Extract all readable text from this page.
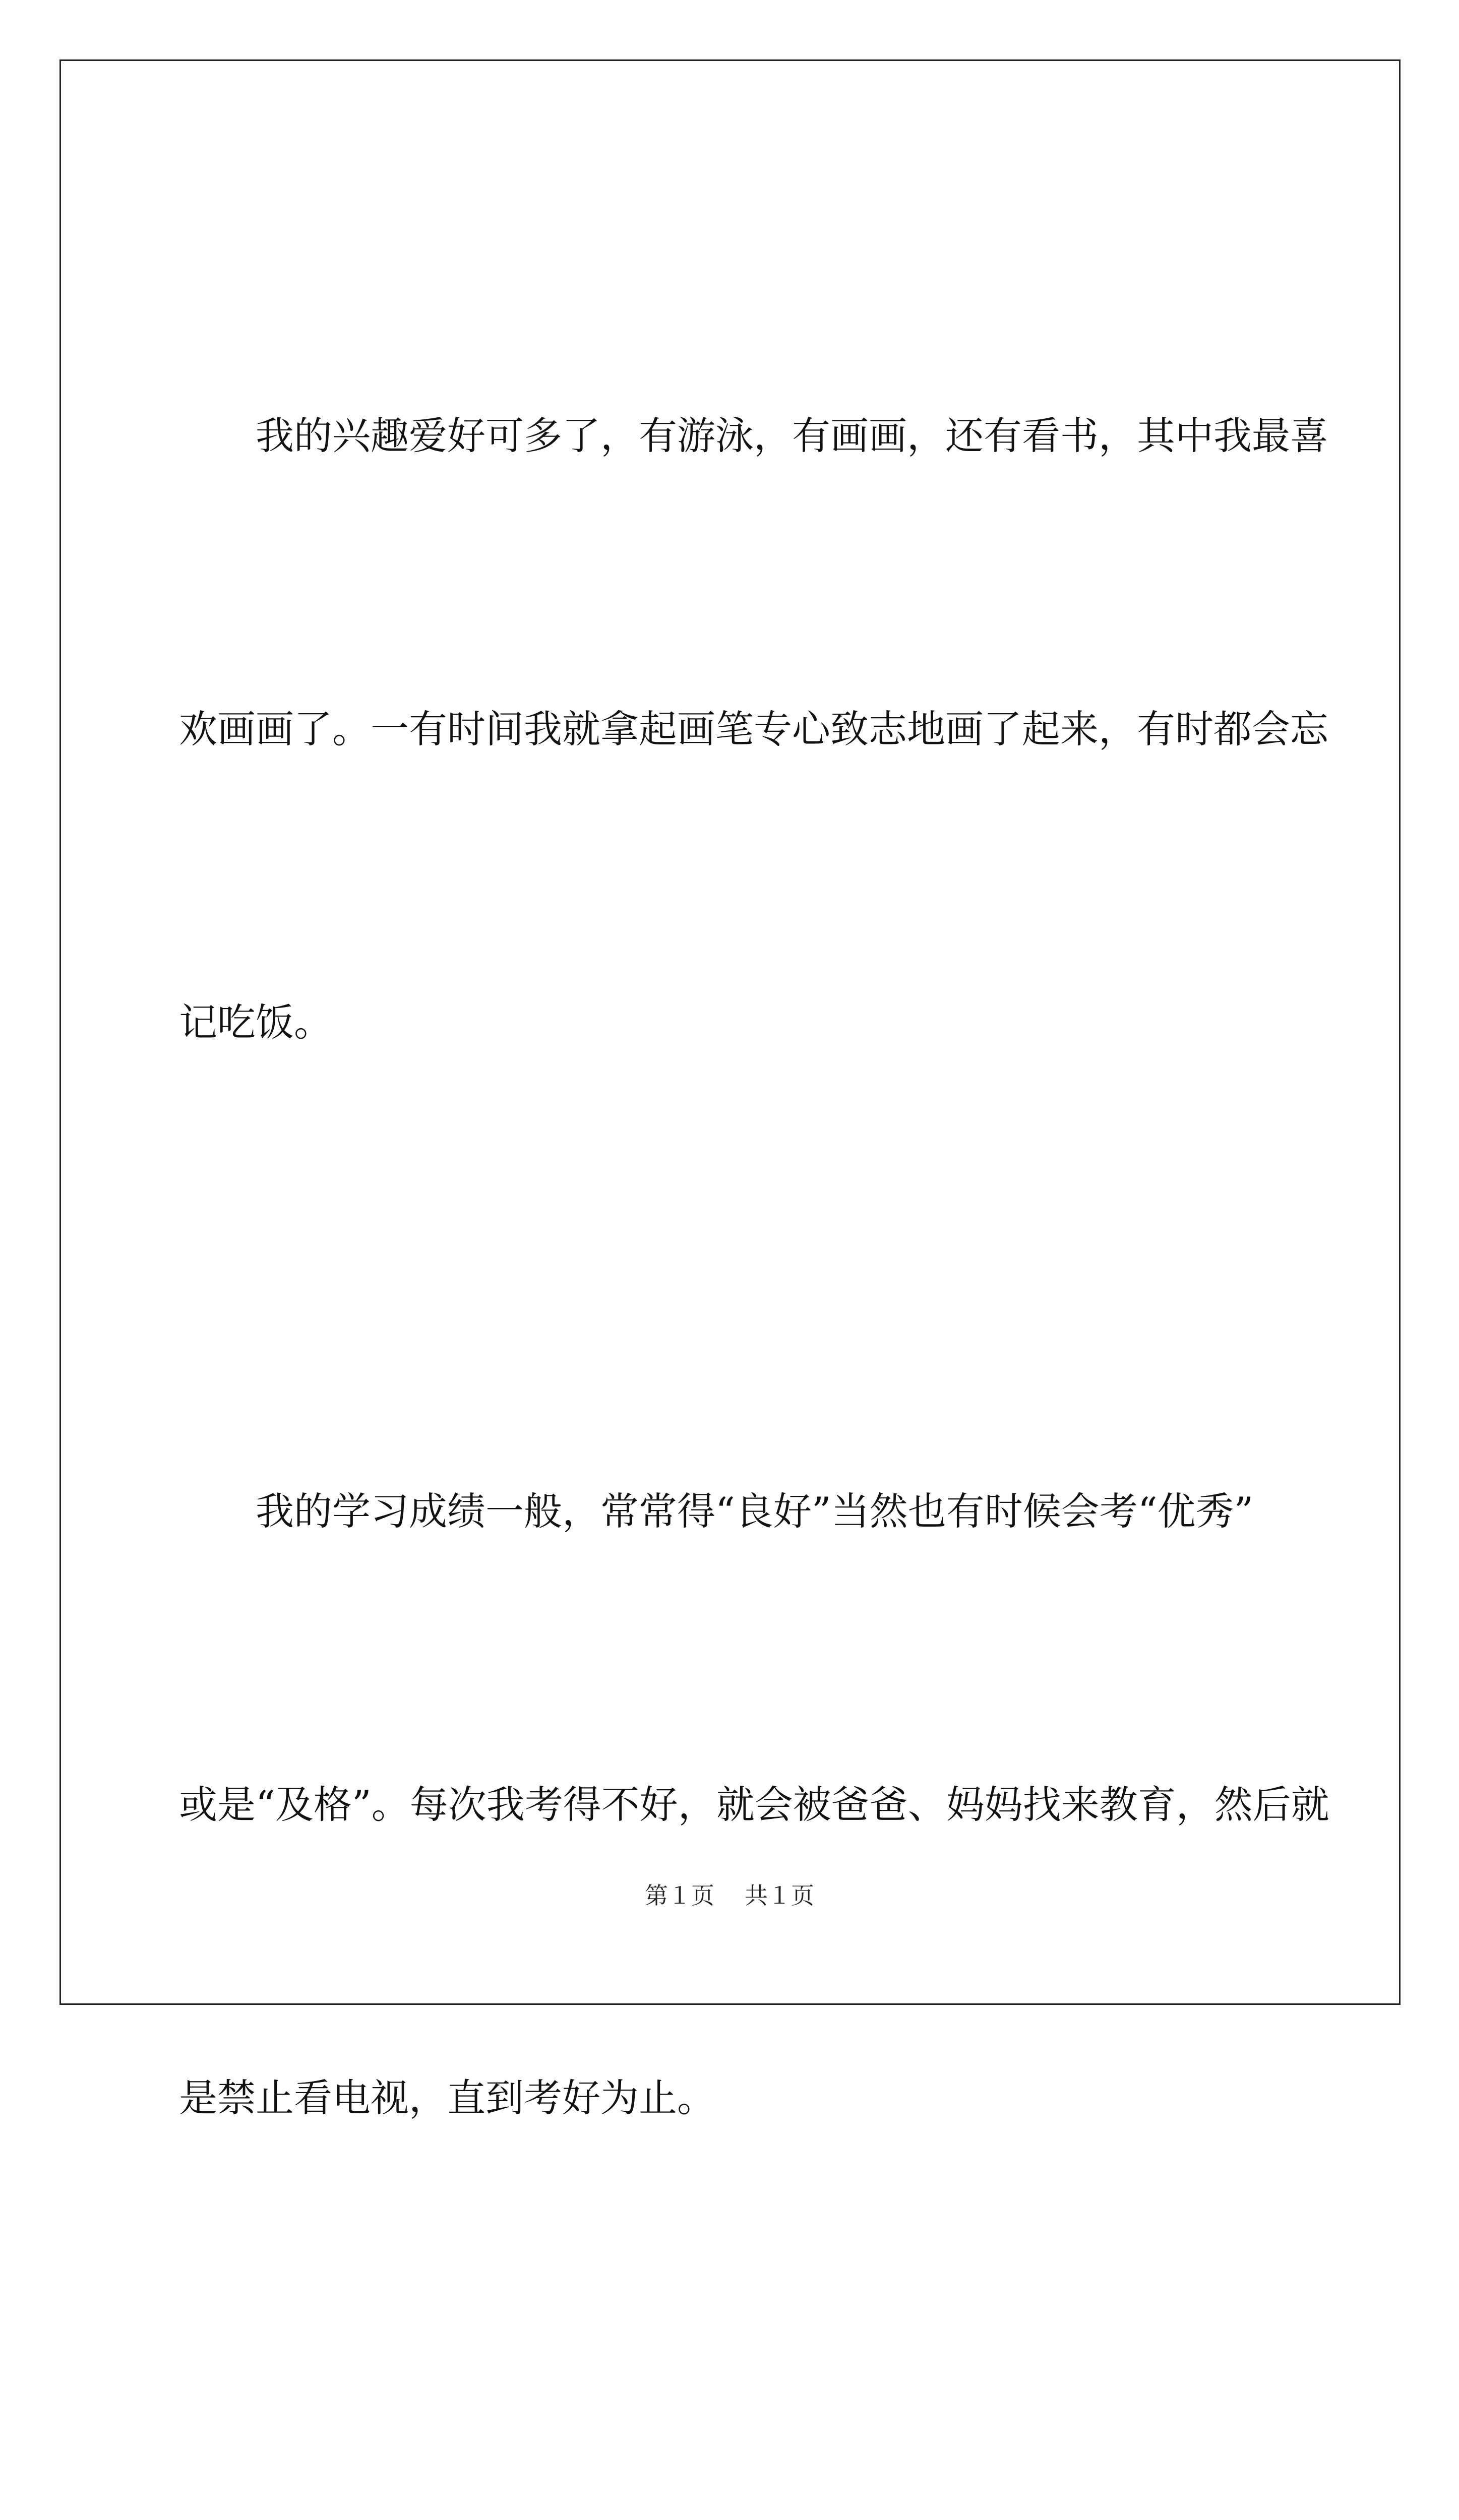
我的兴趣爱好可多了，有游泳，有画画，还有看书，其中我最喜

欢画画了。一有时间我就拿起画笔专心致志地画了起来，有时都会忘

记吃饭。

我的学习成绩一般，常常得“良好”当然也有时候会考“优秀”

或是“及格”。每次我考得不好，就会被爸爸、妈妈找来教育，然后就

是禁止看电视，直到考好为止。

第１页 共１页
